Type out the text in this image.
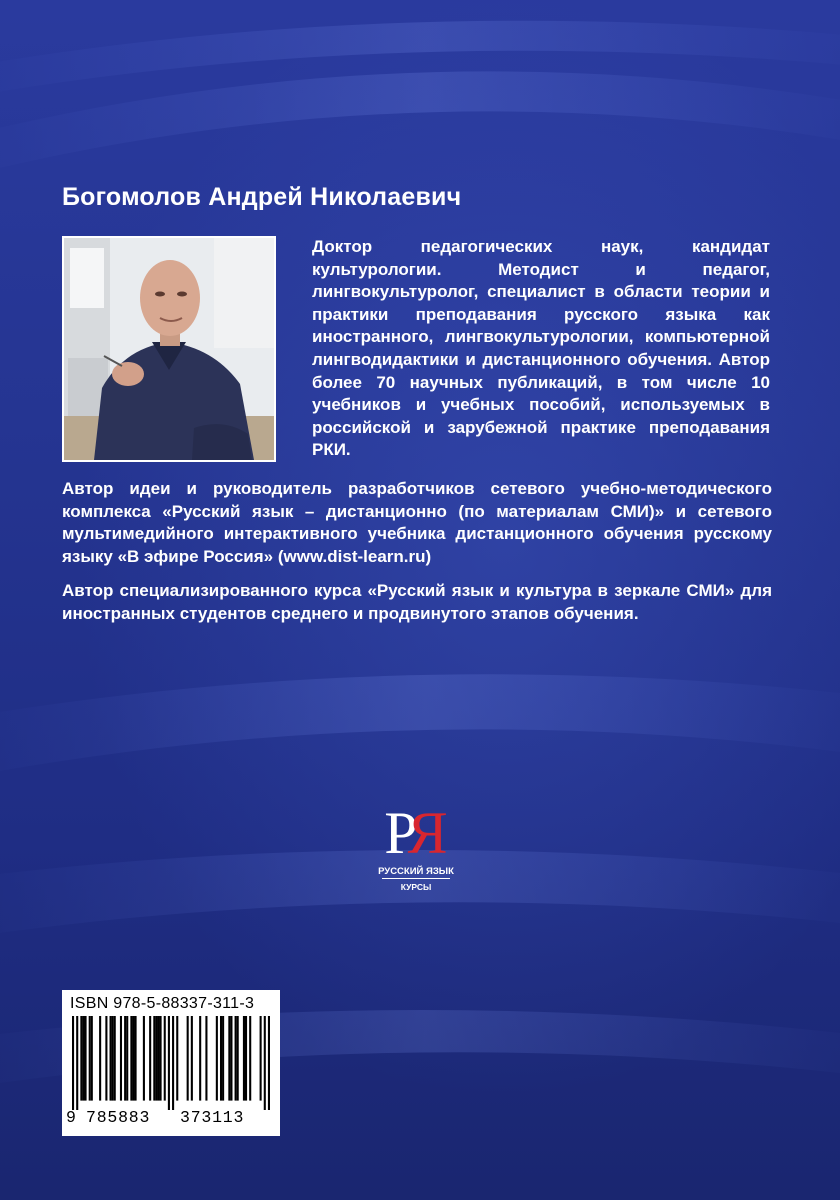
Богомолов Андрей Николаевич

Доктор педагогических наук, кандидат культурологии. Методист и педагог, лингвокультуролог, специалист в области теории и практики преподавания русского языка как иностранного, лингвокультурологии, компьютерной лингводидактики и дистанционного обучения. Автор более 70 научных публикаций, в том числе 10 учебников и учебных пособий, используемых в российской и зарубежной практике преподавания РКИ.

Автор идеи и руководитель разработчиков сетевого учебно-методического комплекса «Русский язык – дистанционно (по материалам СМИ)» и сетевого мультимедийного интерактивного учебника дистанционного обучения русскому языку «В эфире Россия» (www.dist-learn.ru)

Автор специализированного курса «Русский язык и культура в зеркале СМИ» для иностранных студентов среднего и продвинутого этапов обучения.

РЯ
РУССКИЙ ЯЗЫК
КУРСЫ
ISBN 978-5-88337-311-3
9 785883 373113
